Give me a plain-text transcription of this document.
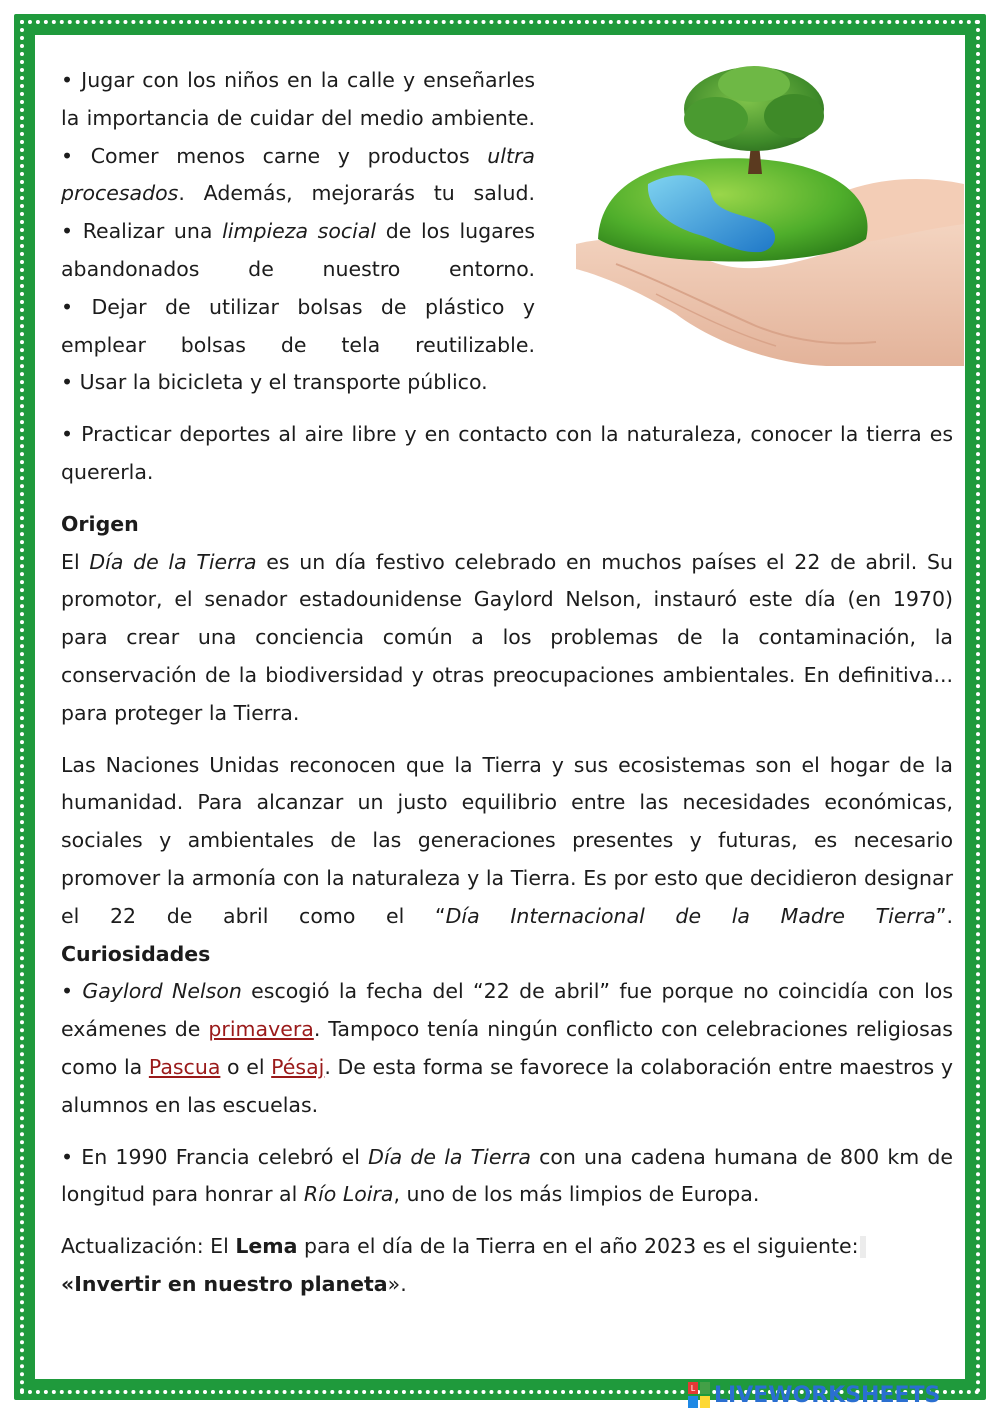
• Jugar con los niños en la calle y enseñarles la importancia de cuidar del medio ambiente.

• Comer menos carne y productos ultra procesados. Además, mejorarás tu salud.

• Realizar una limpieza social de los lugares abandonados de nuestro entorno.

• Dejar de utilizar bolsas de plástico y emplear bolsas de tela reutilizable.

• Usar la bicicleta y el transporte público.

• Practicar deportes al aire libre y en contacto con la naturaleza, conocer la tierra es quererla.

Origen

El Día de la Tierra es un día festivo celebrado en muchos países el 22 de abril. Su promotor, el senador estadounidense Gaylord Nelson, instauró este día (en 1970) para crear una conciencia común a los problemas de la contaminación, la conservación de la biodiversidad y otras preocupaciones ambientales. En definitiva... para proteger la Tierra.

Las Naciones Unidas reconocen que la Tierra y sus ecosistemas son el hogar de la humanidad. Para alcanzar un justo equilibrio entre las necesidades económicas, sociales y ambientales de las generaciones presentes y futuras, es necesario promover la armonía con la naturaleza y la Tierra. Es por esto que decidieron designar el 22 de abril como el “Día Internacional de la Madre Tierra”.

Curiosidades

• Gaylord Nelson escogió la fecha del “22 de abril” fue porque no coincidía con los exámenes de primavera. Tampoco tenía ningún conflicto con celebraciones religiosas como la Pascua o el Pésaj. De esta forma se favorece la colaboración entre maestros y alumnos en las escuelas.

• En 1990 Francia celebró el Día de la Tierra con una cadena humana de 800 km de longitud para honrar al Río Loira, uno de los más limpios de Europa.

Actualización: El Lema para el día de la Tierra en el año 2023 es el siguiente:

«Invertir en nuestro planeta».

L LIVEWORKSHEETS
